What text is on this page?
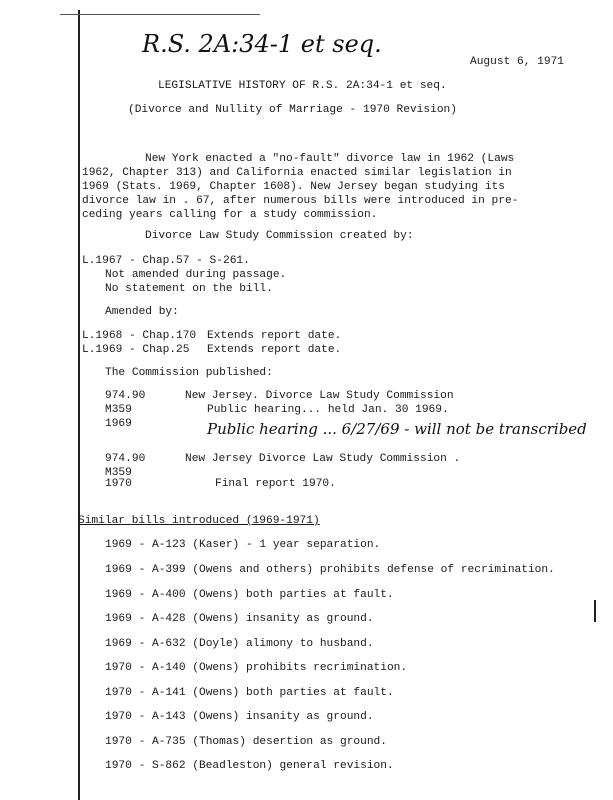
R.S. 2A:34-1 et seq.
August 6, 1971
LEGISLATIVE HISTORY OF R.S. 2A:34-1 et seq.
(Divorce and Nullity of Marriage - 1970 Revision)
New York enacted a "no-fault" divorce law in 1962 (Laws
1962, Chapter 313) and California enacted similar legislation in
1969 (Stats. 1969, Chapter 1608). New Jersey began studying its
divorce law in . 67, after numerous bills were introduced in pre-
ceding years calling for a study commission.
Divorce Law Study Commission created by:
L.1967 - Chap.57 - S-261.
Not amended during passage.
No statement on the bill.
Amended by:
L.1968 - Chap.170 Extends report date.
L.1969 - Chap.25 Extends report date.
The Commission published:
974.90
M359
1969
New Jersey. Divorce Law Study Commission
Public hearing... held Jan. 30 1969.
Public hearing ... 6/27/69 - will not be transcribed
974.90
M359
1970
New Jersey Divorce Law Study Commission .
Final report 1970.
Similar bills introduced (1969-1971)
1969 - A-123 (Kaser) - 1 year separation.
1969 - A-399 (Owens and others) prohibits defense of recrimination.
1969 - A-400 (Owens) both parties at fault.
1969 - A-428 (Owens) insanity as ground.
1969 - A-632 (Doyle) alimony to husband.
1970 - A-140 (Owens) prohibits recrimination.
1970 - A-141 (Owens) both parties at fault.
1970 - A-143 (Owens) insanity as ground.
1970 - A-735 (Thomas) desertion as ground.
1970 - S-862 (Beadleston) general revision.
